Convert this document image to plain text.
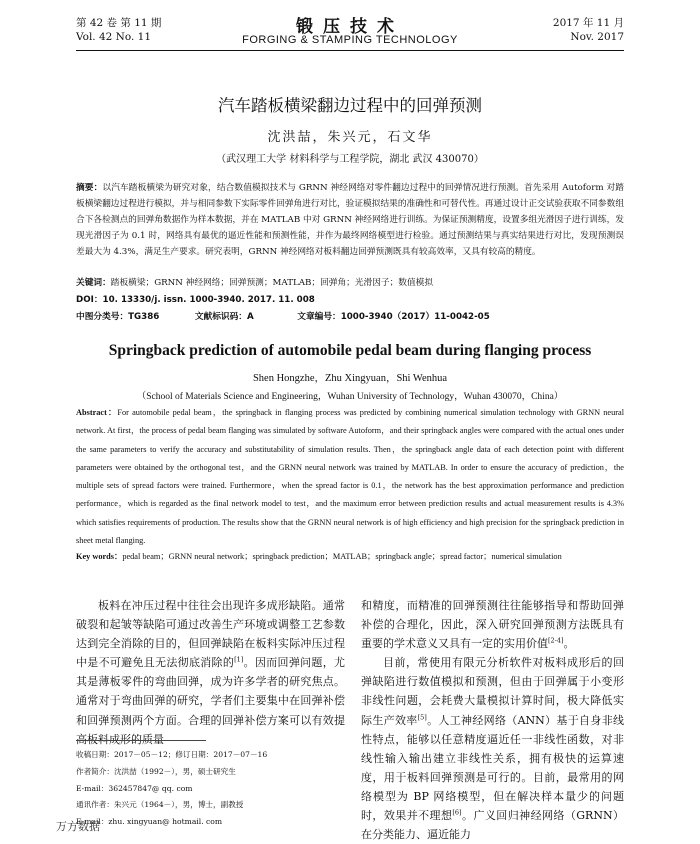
第 42 卷 第 11 期
Vol. 42 No. 11	锻压技术
FORGING & STAMPING TECHNOLOGY
2017 年 11 月
Nov. 2017
汽车踏板横梁翻边过程中的回弹预测
沈洪喆，朱兴元，石文华
（武汉理工大学 材料科学与工程学院，湖北 武汉 430070）
摘要：以汽车踏板横梁为研究对象，结合数值模拟技术与 GRNN 神经网络对零件翻边过程中的回弹情况进行预测。首先采用 Autoform 对踏板横梁翻边过程进行模拟，并与相同参数下实际零件回弹角进行对比，验证模拟结果的准确性和可替代性。再通过设计正交试验获取不同参数组合下各检测点的回弹角数据作为样本数据，并在 MATLAB 中对 GRNN 神经网络进行训练。为保证预测精度，设置多组光滑因子进行训练，发现光滑因子为 0.1 时，网络具有最优的逼近性能和预测性能，并作为最终网络模型进行检验。通过预测结果与真实结果进行对比，发现预测误差最大为 4.3%，满足生产要求。研究表明，GRNN 神经网络对板料翻边回弹预测既具有较高效率，又具有较高的精度。
关键词：踏板横梁；GRNN 神经网络；回弹预测；MATLAB；回弹角；光滑因子；数值模拟
DOI：10. 13330/j. issn. 1000-3940. 2017. 11. 008
中图分类号：TG386	文献标识码：A	文章编号：1000-3940（2017）11-0042-05
Springback prediction of automobile pedal beam during flanging process
Shen Hongzhe，Zhu Xingyuan，Shi Wenhua
（School of Materials Science and Engineering，Wuhan University of Technology，Wuhan 430070，China）
Abstract：For automobile pedal beam，the springback in flanging process was predicted by combining numerical simulation technology with GRNN neural network. At first，the process of pedal beam flanging was simulated by software Autoform，and their springback angles were compared with the actual ones under the same parameters to verify the accuracy and substitutability of simulation results. Then，the springback angle data of each detection point with different parameters were obtained by the orthogonal test，and the GRNN neural network was trained by MATLAB. In order to ensure the accuracy of prediction，the multiple sets of spread factors were trained. Furthermore，when the spread factor is 0.1，the network has the best approximation performance and prediction performance，which is regarded as the final network model to test，and the maximum error between prediction results and actual measurement results is 4.3% which satisfies requirements of production. The results show that the GRNN neural network is of high efficiency and high precision for the springback prediction in sheet metal flanging.
Key words：pedal beam；GRNN neural network；springback prediction；MATLAB；springback angle；spread factor；numerical simulation

板料在冲压过程中往往会出现许多成形缺陷。通常破裂和起皱等缺陷可通过改善生产环境或调整工艺参数达到完全消除的目的，但回弹缺陷在板料实际冲压过程中是不可避免且无法彻底消除的[1]。因而回弹问题，尤其是薄板零件的弯曲回弹，成为许多学者的研究焦点。通常对于弯曲回弹的研究，学者们主要集中在回弹补偿和回弹预测两个方面。合理的回弹补偿方案可以有效提高板料成形的质量

和精度，而精准的回弹预测往往能够指导和帮助回弹补偿的合理化，因此，深入研究回弹预测方法既具有重要的学术意义又具有一定的实用价值[2-4]。

目前，常使用有限元分析软件对板料成形后的回弹缺陷进行数值模拟和预测，但由于回弹属于小变形非线性问题，会耗费大量模拟计算时间，极大降低实际生产效率[5]。人工神经网络（ANN）基于自身非线性特点，能够以任意精度逼近任一非线性函数，对非线性输入输出建立非线性关系，拥有极快的运算速度，用于板料回弹预测是可行的。目前，最常用的网络模型为 BP 网络模型，但在解决样本量少的问题时，效果并不理想[6]。广义回归神经网络（GRNN）在分类能力、逼近能力

收稿日期：2017－05－12；修订日期：2017－07－16
作者简介：沈洪喆（1992－），男，硕士研究生
E-mail：362457847@ qq. com
通讯作者：朱兴元（1964－），男，博士，副教授
E-mail：zhu. xingyuan@ hotmail. com
万方数据
